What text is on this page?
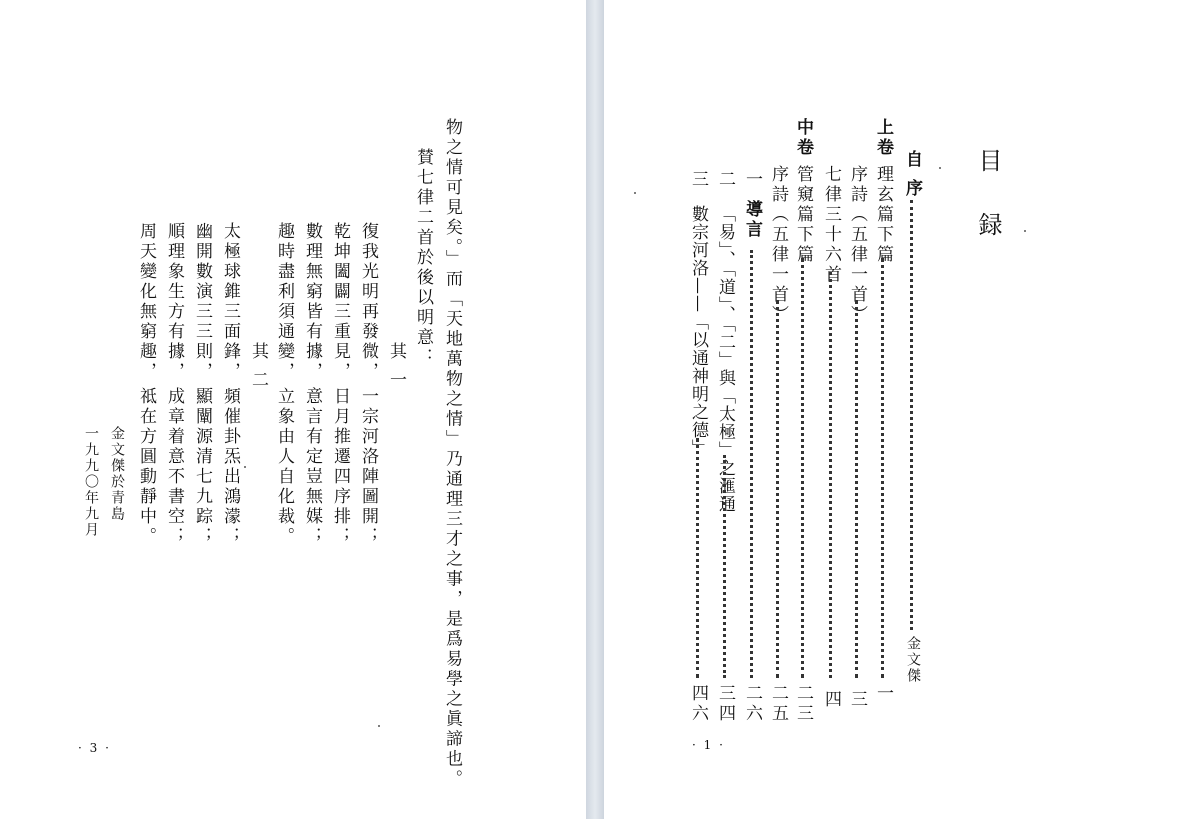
物之情可見矣。」而「天地萬物之情」乃通理三才之事，是爲易學之眞諦也。
賛七律二首於後以明意：
其 一
復我光明再發微，
一宗河洛陣圖開；
乾坤闔闢三重見，
日月推遷四序排；
數理無窮皆有據，
意言有定豈無媒；
趣時盡利須通變，
立象由人自化裁。
其 二
太極球錐三面鋒，
頻催卦炁出鴻濛；
幽開數演三三則，
顯闡源清七九踪；
順理象生方有據，
成章着意不書空；
周天變化無窮趣，
祗在方圓動靜中。
金文傑於青島
一九九〇年九月
· 3 ·
目
録
自 序
金文傑
上卷
理玄篇下篇
一
序詩（五律一首）
三
七律三十六首
四
中卷
管窺篇下篇
二三
序詩（五律一首）
二五
一
導言
二六
二
「易」、「道」、「二」與「太極」之滙通
三四
三
數宗河洛——「以通神明之德」
四六
· 1 ·
